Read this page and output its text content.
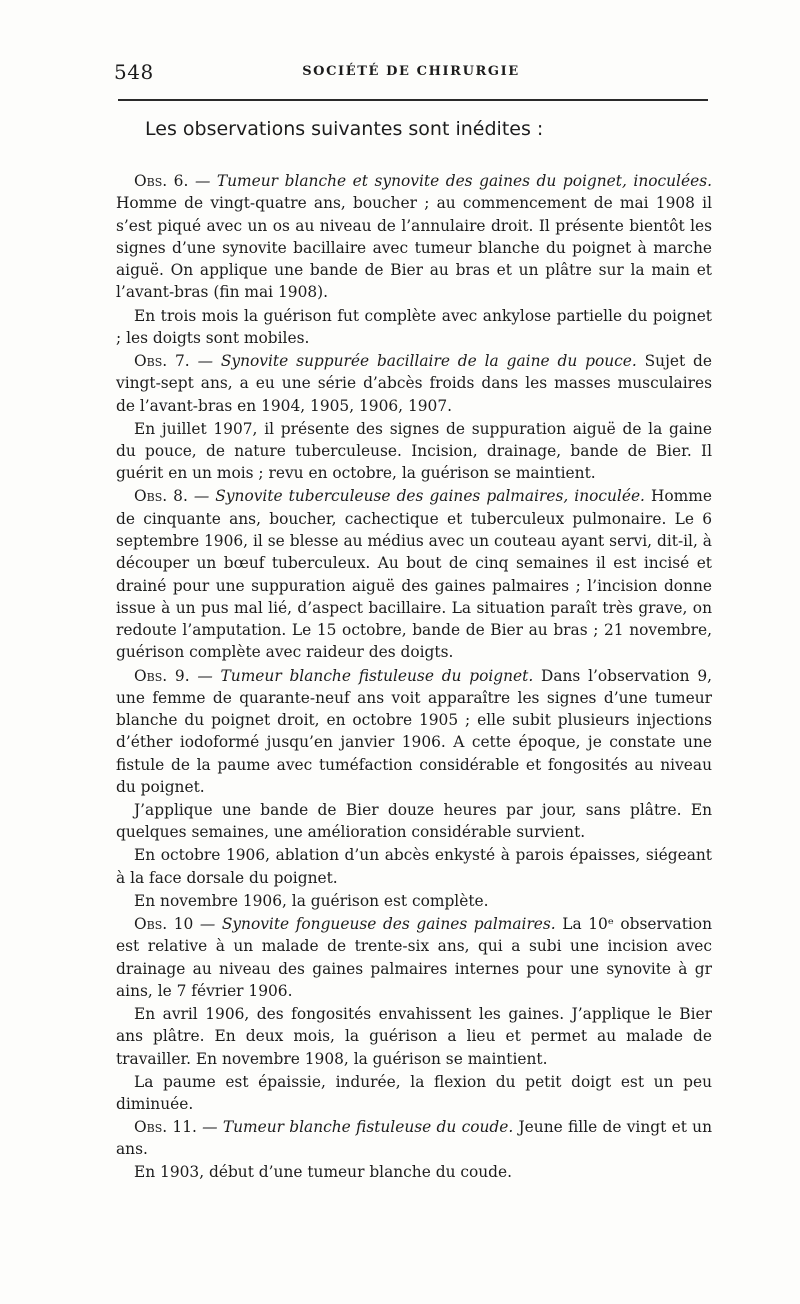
548	SOCIÉTÉ DE CHIRURGIE
Les observations suivantes sont inédites :

Obs. 6. — Tumeur blanche et synovite des gaines du poignet, inoculées. Homme de vingt-quatre ans, boucher ; au commencement de mai 1908 il s’est piqué avec un os au niveau de l’annulaire droit. Il présente bientôt les signes d’une synovite bacillaire avec tumeur blanche du poignet à marche aiguë. On applique une bande de Bier au bras et un plâtre sur la main et l’avant-bras (fin mai 1908).

En trois mois la guérison fut complète avec ankylose partielle du poignet ; les doigts sont mobiles.

Obs. 7. — Synovite suppurée bacillaire de la gaine du pouce. Sujet de vingt-sept ans, a eu une série d’abcès froids dans les masses musculaires de l’avant-bras en 1904, 1905, 1906, 1907.

En juillet 1907, il présente des signes de suppuration aiguë de la gaine du pouce, de nature tuberculeuse. Incision, drainage, bande de Bier. Il guérit en un mois ; revu en octobre, la guérison se maintient.

Obs. 8. — Synovite tuberculeuse des gaines palmaires, inoculée. Homme de cinquante ans, boucher, cachectique et tuberculeux pulmonaire. Le 6 septembre 1906, il se blesse au médius avec un couteau ayant servi, dit-il, à découper un bœuf tuberculeux. Au bout de cinq semaines il est incisé et drainé pour une suppuration aiguë des gaines palmaires ; l’incision donne issue à un pus mal lié, d’aspect bacillaire. La situation paraît très grave, on redoute l’amputation. Le 15 octobre, bande de Bier au bras ; 21 novembre, guérison complète avec raideur des doigts.

Obs. 9. — Tumeur blanche fistuleuse du poignet. Dans l’observation 9, une femme de quarante-neuf ans voit apparaître les signes d’une tumeur blanche du poignet droit, en octobre 1905 ; elle subit plusieurs injections d’éther iodoformé jusqu’en janvier 1906. A cette époque, je constate une fistule de la paume avec tuméfaction considérable et fongosités au niveau du poignet.

J’applique une bande de Bier douze heures par jour, sans plâtre. En quelques semaines, une amélioration considérable survient.

En octobre 1906, ablation d’un abcès enkysté à parois épaisses, siégeant à la face dorsale du poignet.

En novembre 1906, la guérison est complète.

Obs. 10 — Synovite fongueuse des gaines palmaires. La 10ᵉ observation est relative à un malade de trente-six ans, qui a subi une incision avec drainage au niveau des gaines palmaires internes pour une synovite à gr ains, le 7 février 1906.

En avril 1906, des fongosités envahissent les gaines. J’applique le Bier ans plâtre. En deux mois, la guérison a lieu et permet au malade de travailler. En novembre 1908, la guérison se maintient.

La paume est épaissie, indurée, la flexion du petit doigt est un peu diminuée.

Obs. 11. — Tumeur blanche fistuleuse du coude. Jeune fille de vingt et un ans.

En 1903, début d’une tumeur blanche du coude.
